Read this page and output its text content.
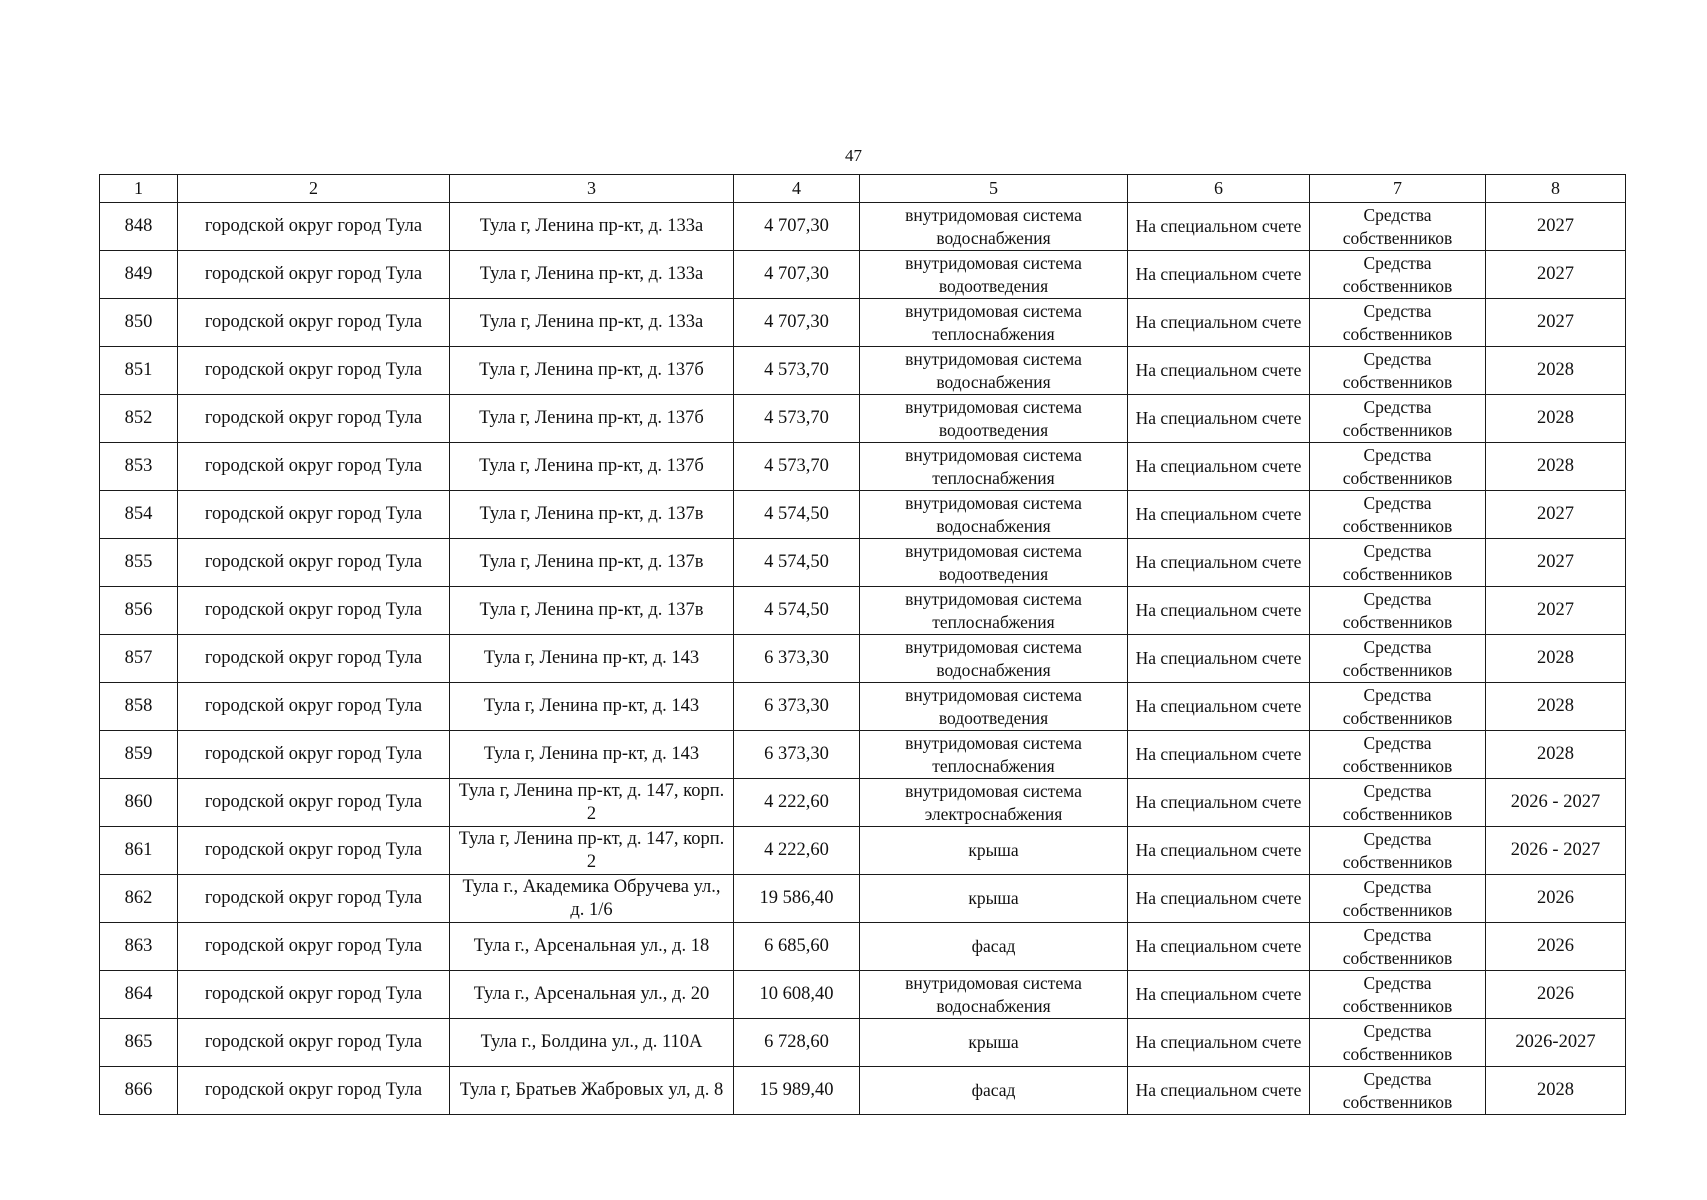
47
1	2	3	4	5	6	7	8
848	городской округ город Тула	Тула г, Ленина пр-кт, д. 133а	4 707,30	внутридомовая система водоснабжения	На специальном счете	Средства собственников	2027
849	городской округ город Тула	Тула г, Ленина пр-кт, д. 133а	4 707,30	внутридомовая система водоотведения	На специальном счете	Средства собственников	2027
850	городской округ город Тула	Тула г, Ленина пр-кт, д. 133а	4 707,30	внутридомовая система теплоснабжения	На специальном счете	Средства собственников	2027
851	городской округ город Тула	Тула г, Ленина пр-кт, д. 137б	4 573,70	внутридомовая система водоснабжения	На специальном счете	Средства собственников	2028
852	городской округ город Тула	Тула г, Ленина пр-кт, д. 137б	4 573,70	внутридомовая система водоотведения	На специальном счете	Средства собственников	2028
853	городской округ город Тула	Тула г, Ленина пр-кт, д. 137б	4 573,70	внутридомовая система теплоснабжения	На специальном счете	Средства собственников	2028
854	городской округ город Тула	Тула г, Ленина пр-кт, д. 137в	4 574,50	внутридомовая система водоснабжения	На специальном счете	Средства собственников	2027
855	городской округ город Тула	Тула г, Ленина пр-кт, д. 137в	4 574,50	внутридомовая система водоотведения	На специальном счете	Средства собственников	2027
856	городской округ город Тула	Тула г, Ленина пр-кт, д. 137в	4 574,50	внутридомовая система теплоснабжения	На специальном счете	Средства собственников	2027
857	городской округ город Тула	Тула г, Ленина пр-кт, д. 143	6 373,30	внутридомовая система водоснабжения	На специальном счете	Средства собственников	2028
858	городской округ город Тула	Тула г, Ленина пр-кт, д. 143	6 373,30	внутридомовая система водоотведения	На специальном счете	Средства собственников	2028
859	городской округ город Тула	Тула г, Ленина пр-кт, д. 143	6 373,30	внутридомовая система теплоснабжения	На специальном счете	Средства собственников	2028
860	городской округ город Тула	Тула г, Ленина пр-кт, д. 147, корп. 2	4 222,60	внутридомовая система электроснабжения	На специальном счете	Средства собственников	2026 - 2027
861	городской округ город Тула	Тула г, Ленина пр-кт, д. 147, корп. 2	4 222,60	крыша	На специальном счете	Средства собственников	2026 - 2027
862	городской округ город Тула	Тула г., Академика Обручева ул., д. 1/6	19 586,40	крыша	На специальном счете	Средства собственников	2026
863	городской округ город Тула	Тула г., Арсенальная ул., д. 18	6 685,60	фасад	На специальном счете	Средства собственников	2026
864	городской округ город Тула	Тула г., Арсенальная ул., д. 20	10 608,40	внутридомовая система водоснабжения	На специальном счете	Средства собственников	2026
865	городской округ город Тула	Тула г., Болдина ул., д. 110А	6 728,60	крыша	На специальном счете	Средства собственников	2026-2027
866	городской округ город Тула	Тула г, Братьев Жабровых ул, д. 8	15 989,40	фасад	На специальном счете	Средства собственников	2028
